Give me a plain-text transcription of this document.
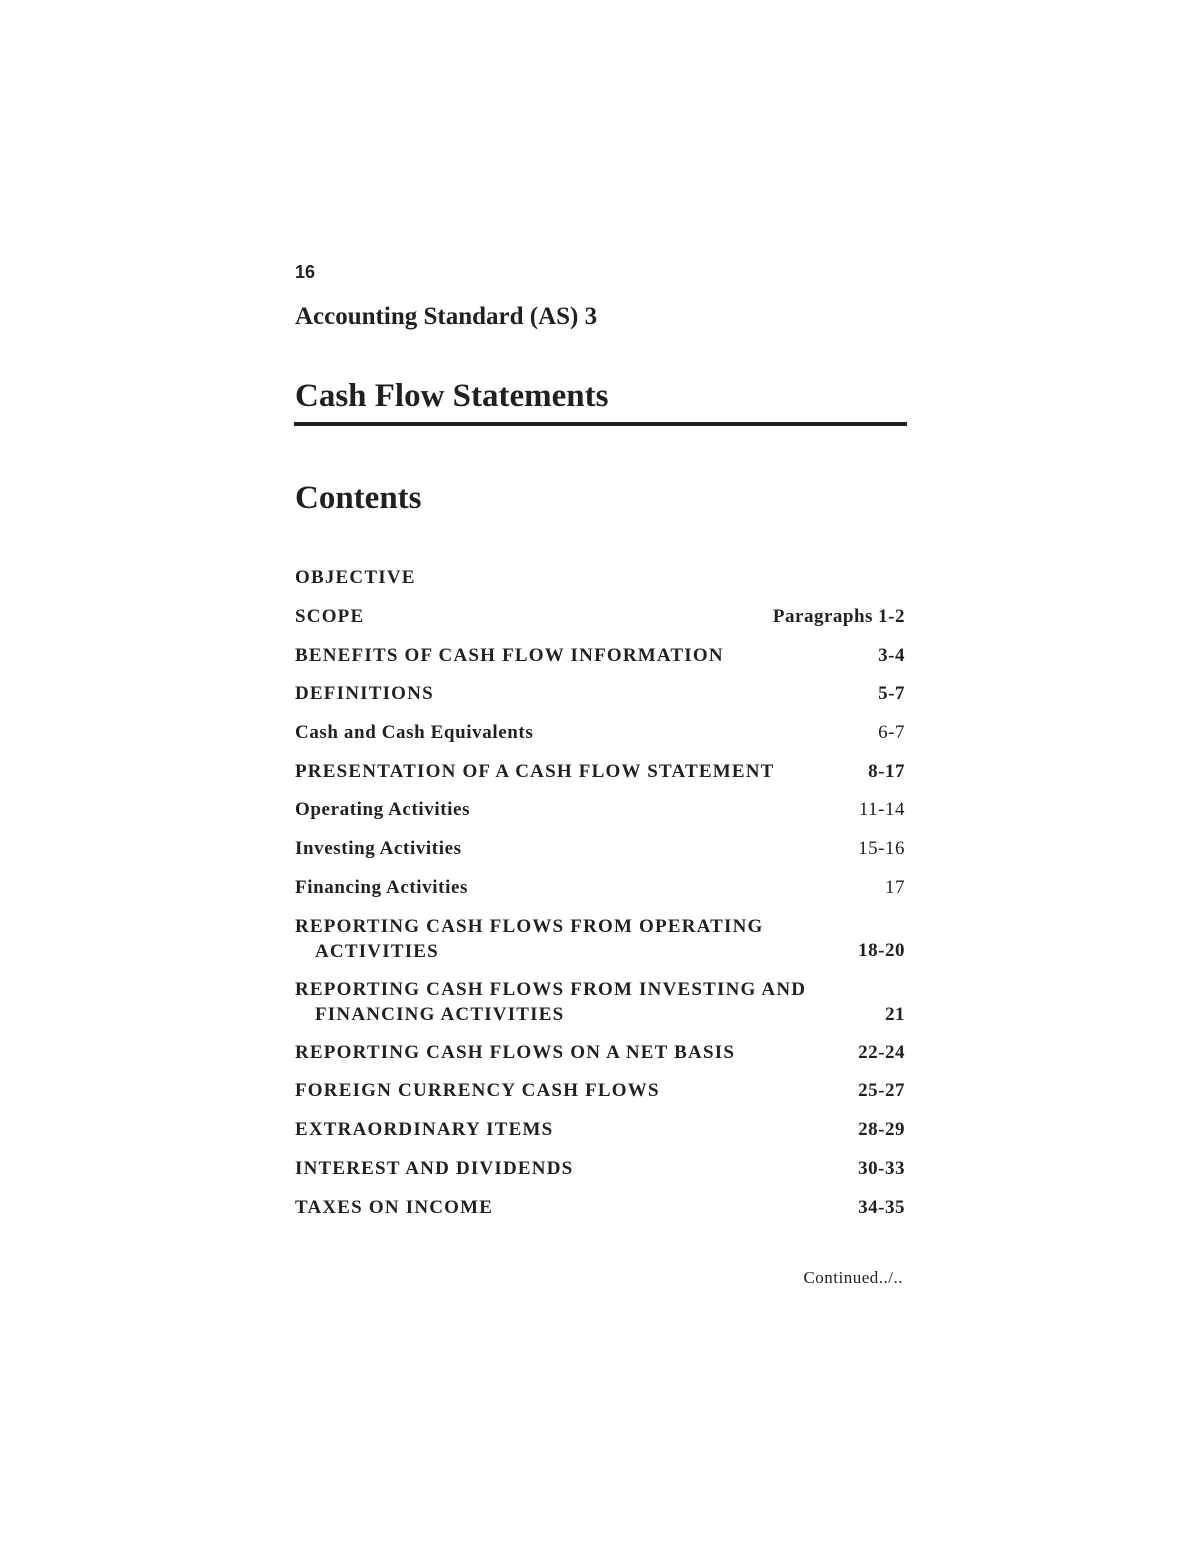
16
Accounting Standard (AS) 3
Cash Flow Statements
Contents
OBJECTIVE
SCOPE	Paragraphs 1-2
BENEFITS OF CASH FLOW INFORMATION	3-4
DEFINITIONS	5-7
Cash and Cash Equivalents	6-7
PRESENTATION OF A CASH FLOW STATEMENT	8-17
Operating Activities	11-14
Investing Activities	15-16
Financing Activities	17
REPORTING CASH FLOWS FROM OPERATING
ACTIVITIES	18-20
REPORTING CASH FLOWS FROM INVESTING AND
FINANCING ACTIVITIES	21
REPORTING CASH FLOWS ON A NET BASIS	22-24
FOREIGN CURRENCY CASH FLOWS	25-27
EXTRAORDINARY ITEMS	28-29
INTEREST AND DIVIDENDS	30-33
TAXES ON INCOME	34-35
Continued../..
